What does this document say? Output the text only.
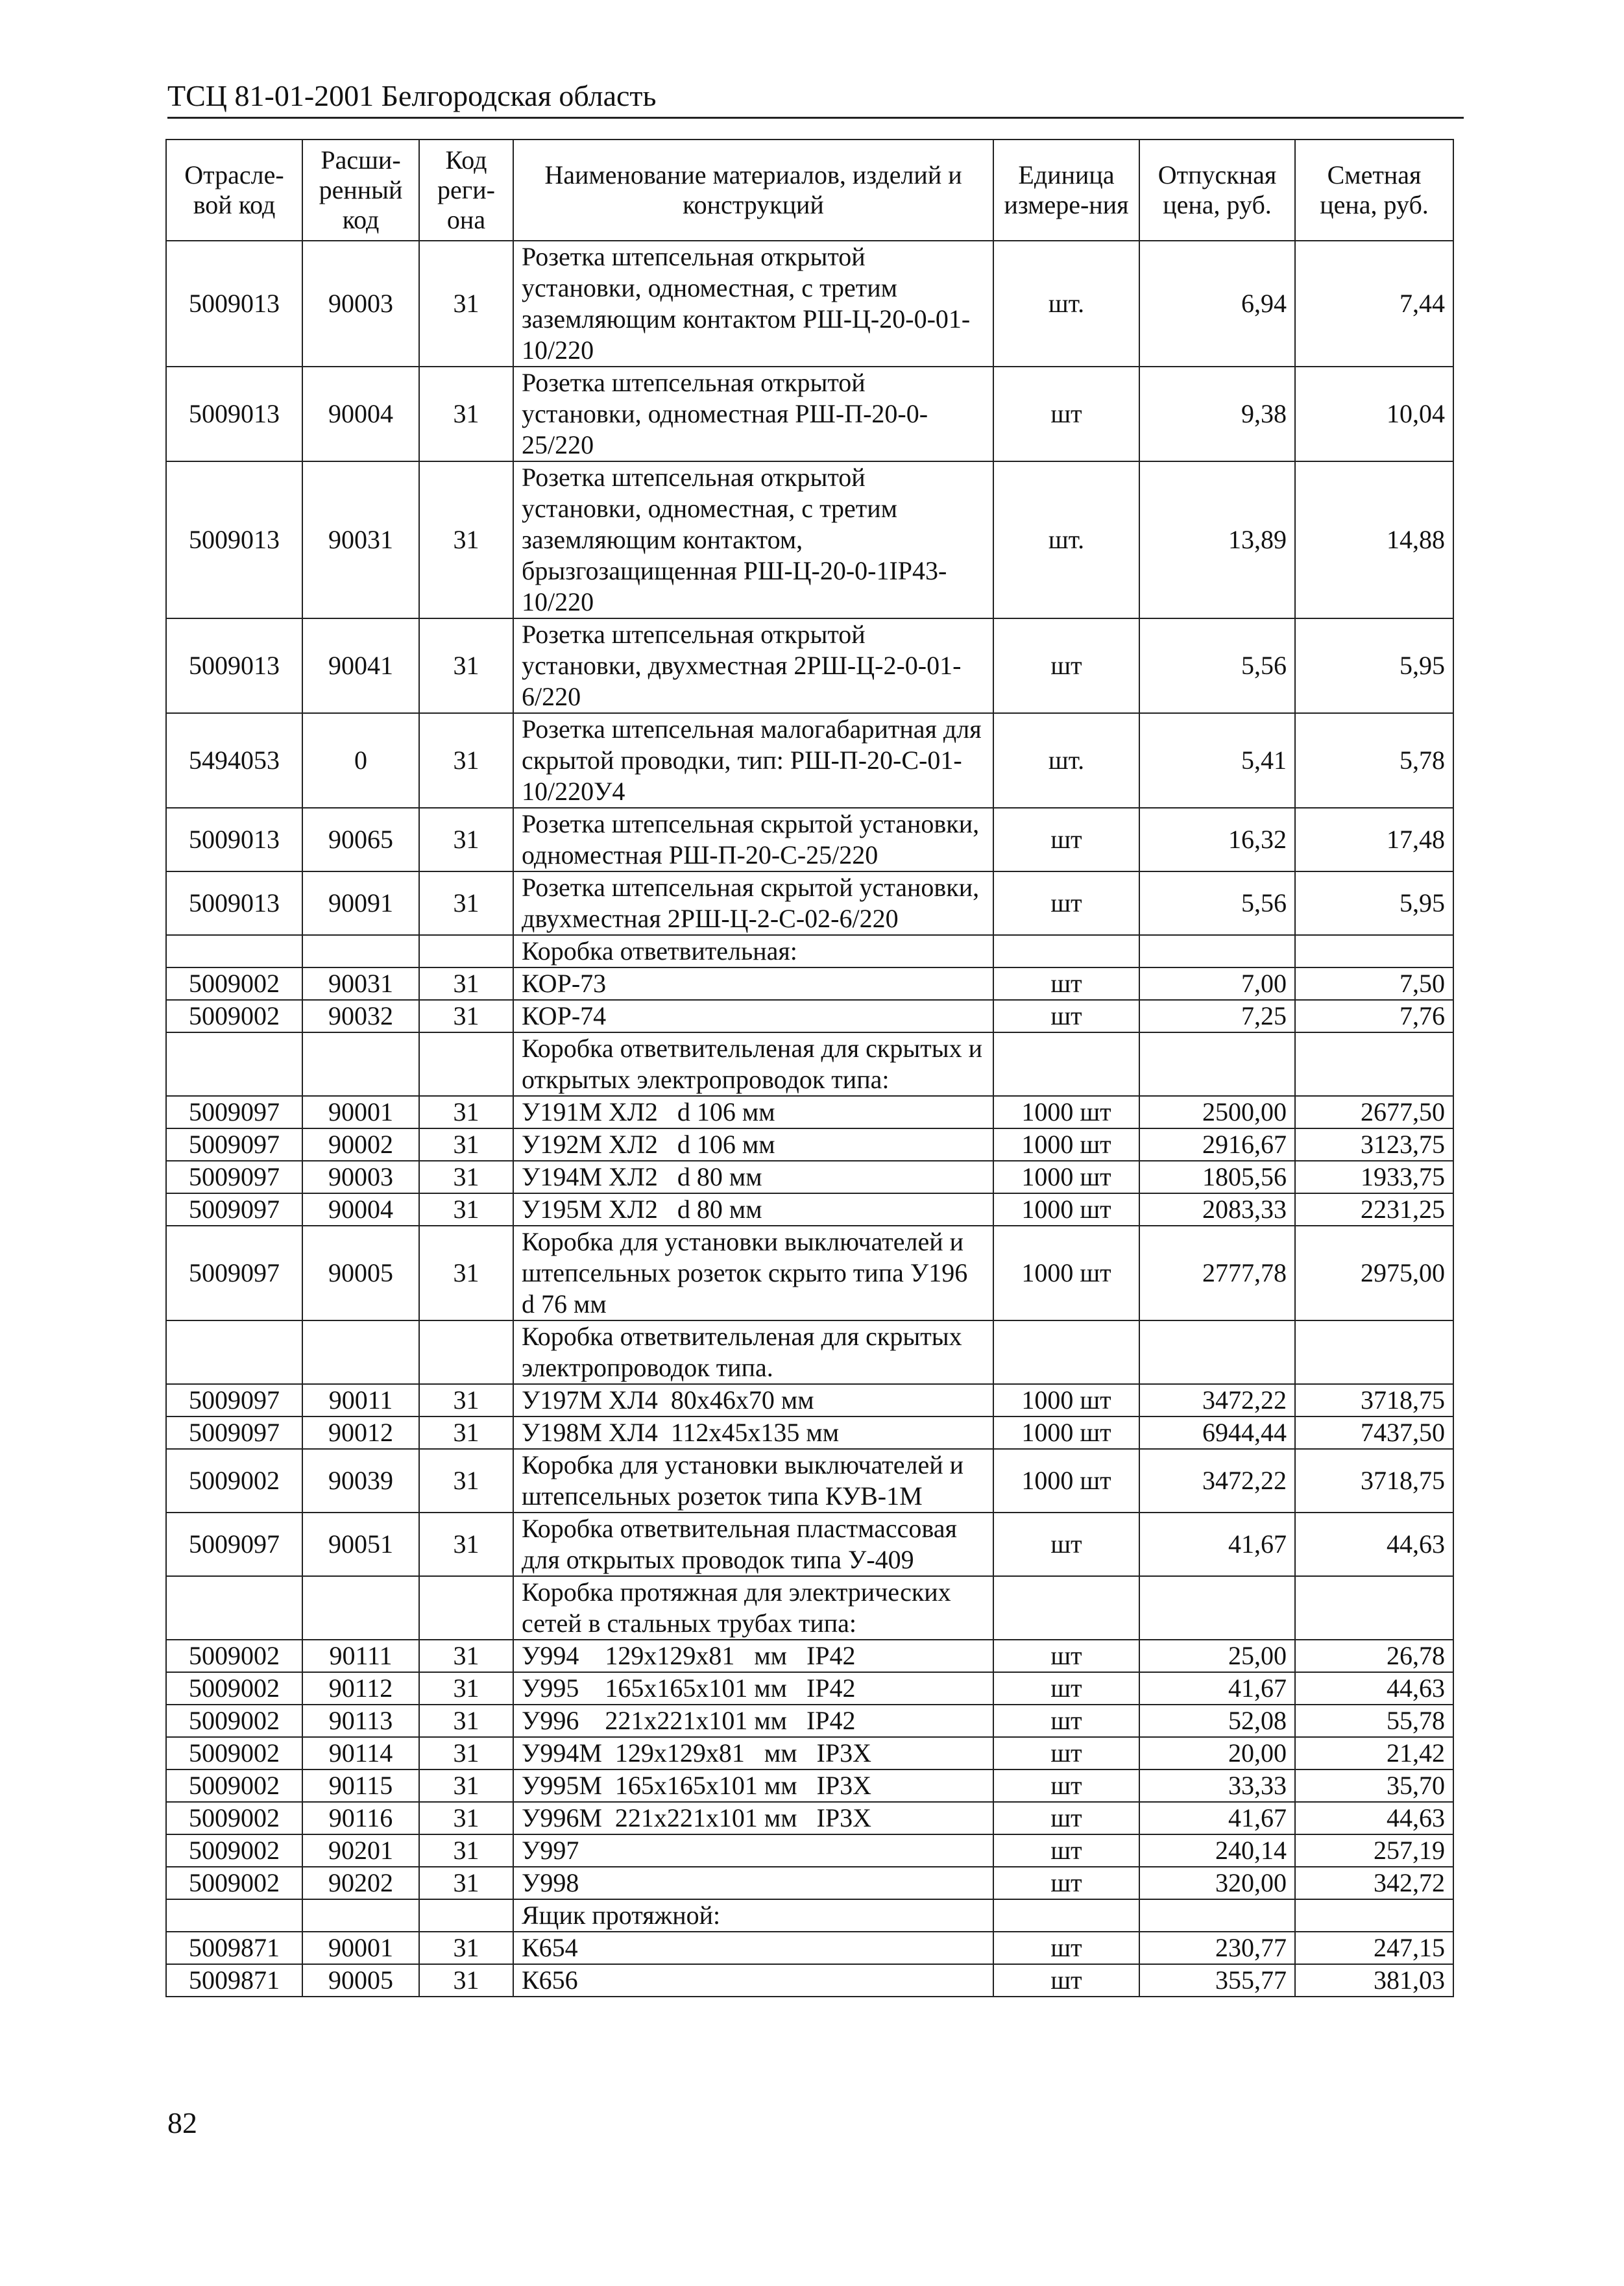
ТСЦ 81-01-2001 Белгородская область
Отрасле-вой код	Расши-ренный код	Код реги-она	Наименование материалов, изделий и конструкций	Единица измере-ния	Отпускная цена, руб.	Сметная цена, руб.
5009013	90003	31	Розетка штепсельная открытой установки, одноместная, с третим заземляющим контактом РШ-Ц-20-0-01-10/220	шт.	6,94	7,44
5009013	90004	31	Розетка штепсельная открытой установки, одноместная РШ-П-20-0-25/220	шт	9,38	10,04
5009013	90031	31	Розетка штепсельная открытой установки, одноместная, с третим заземляющим контактом, брызгозащищенная РШ-Ц-20-0-1IP43-10/220	шт.	13,89	14,88
5009013	90041	31	Розетка штепсельная открытой установки, двухместная 2РШ-Ц-2-0-01-6/220	шт	5,56	5,95
5494053	0	31	Розетка штепсельная малогабаритная для скрытой проводки, тип: РШ-П-20-С-01-10/220У4	шт.	5,41	5,78
5009013	90065	31	Розетка штепсельная скрытой установки, одноместная РШ-П-20-С-25/220	шт	16,32	17,48
5009013	90091	31	Розетка штепсельная скрытой установки, двухместная 2РШ-Ц-2-С-02-6/220	шт	5,56	5,95
			Коробка ответвительная:			
5009002	90031	31	КОР-73	шт	7,00	7,50
5009002	90032	31	КОР-74	шт	7,25	7,76
			Коробка ответвительленая для скрытых и открытых электропроводок типа:			
5009097	90001	31	У191М ХЛ2   d 106 мм	1000 шт	2500,00	2677,50
5009097	90002	31	У192М ХЛ2   d 106 мм	1000 шт	2916,67	3123,75
5009097	90003	31	У194М ХЛ2   d 80 мм	1000 шт	1805,56	1933,75
5009097	90004	31	У195М ХЛ2   d 80 мм	1000 шт	2083,33	2231,25
5009097	90005	31	Коробка для установки выключателей и штепсельных розеток скрыто типа У196     d 76 мм	1000 шт	2777,78	2975,00
			Коробка ответвительленая для скрытых электропроводок типа.			
5009097	90011	31	У197М ХЛ4  80х46х70 мм	1000 шт	3472,22	3718,75
5009097	90012	31	У198М ХЛ4  112х45х135 мм	1000 шт	6944,44	7437,50
5009002	90039	31	Коробка для установки выключателей и штепсельных розеток типа КУВ-1М	1000 шт	3472,22	3718,75
5009097	90051	31	Коробка ответвительная пластмассовая для открытых проводок типа У-409	шт	41,67	44,63
			Коробка протяжная для электрических сетей в стальных трубах типа:			
5009002	90111	31	У994    129х129х81   мм   IP42	шт	25,00	26,78
5009002	90112	31	У995    165х165х101 мм   IP42	шт	41,67	44,63
5009002	90113	31	У996    221х221х101 мм   IP42	шт	52,08	55,78
5009002	90114	31	У994М  129х129х81   мм   IP3X	шт	20,00	21,42
5009002	90115	31	У995М  165х165х101 мм   IP3X	шт	33,33	35,70
5009002	90116	31	У996М  221х221х101 мм   IP3X	шт	41,67	44,63
5009002	90201	31	У997	шт	240,14	257,19
5009002	90202	31	У998	шт	320,00	342,72
			Ящик протяжной:			
5009871	90001	31	К654	шт	230,77	247,15
5009871	90005	31	К656	шт	355,77	381,03
82
